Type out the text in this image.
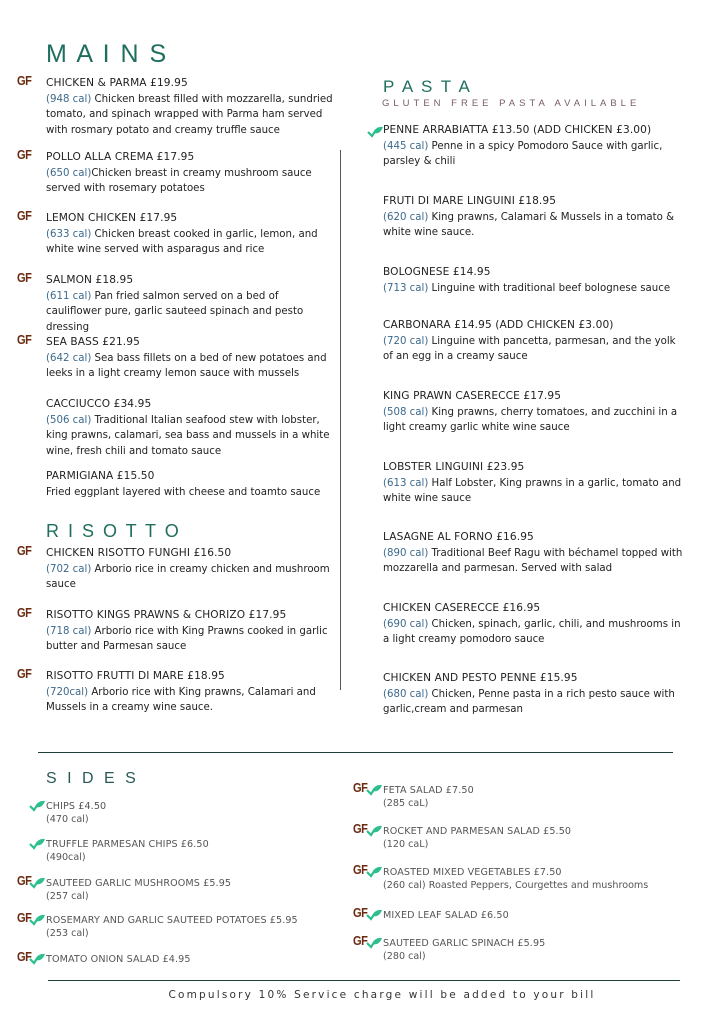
M A I N S
GF CHICKEN & PARMA £19.95
(948 cal) Chicken breast filled with mozzarella, sundried tomato, and spinach wrapped with Parma ham served with rosmary potato and creamy truffle sauce
GF POLLO ALLA CREMA £17.95
(650 cal)Chicken breast in creamy mushroom sauce served with rosemary potatoes
GF LEMON CHICKEN £17.95
(633 cal) Chicken breast cooked in garlic, lemon, and white wine served with asparagus and rice
GF SALMON £18.95
(611 cal) Pan fried salmon served on a bed of cauliflower pure, garlic sauteed spinach and pesto dressing
GF SEA BASS £21.95
(642 cal) Sea bass fillets on a bed of new potatoes and leeks in a light creamy lemon sauce with mussels
CACCIUCCO £34.95
(506 cal) Traditional Italian seafood stew with lobster, king prawns, calamari, sea bass and mussels in a white wine, fresh chili and tomato sauce
PARMIGIANA £15.50
Fried eggplant layered with cheese and toamto sauce
R I S O T T O
GF CHICKEN RISOTTO FUNGHI £16.50
(702 cal) Arborio rice in creamy chicken and mushroom sauce
GF RISOTTO KINGS PRAWNS & CHORIZO £17.95
(718 cal) Arborio rice with King Prawns cooked in garlic butter and Parmesan sauce
GF RISOTTO FRUTTI DI MARE £18.95
(720cal) Arborio rice with King prawns, Calamari and Mussels in a creamy wine sauce.
P A S T A
GLUTEN FREE PASTA AVAILABLE
PENNE ARRABIATTA £13.50 (ADD CHICKEN £3.00)
(445 cal) Penne in a spicy Pomodoro Sauce with garlic, parsley & chili
FRUTI DI MARE LINGUINI £18.95
(620 cal) King prawns, Calamari & Mussels in a tomato & white wine sauce.
BOLOGNESE £14.95
(713 cal) Linguine with traditional beef bolognese sauce
CARBONARA £14.95 (ADD CHICKEN £3.00)
(720 cal) Linguine with pancetta, parmesan, and the yolk of an egg in a creamy sauce
KING PRAWN CASERECCE £17.95
(508 cal) King prawns, cherry tomatoes, and zucchini in a light creamy garlic white wine sauce
LOBSTER LINGUINI £23.95
(613 cal) Half Lobster, King prawns in a garlic, tomato and white wine sauce
LASAGNE AL FORNO £16.95
(890 cal) Traditional Beef Ragu with béchamel topped with mozzarella and parmesan. Served with salad
CHICKEN CASERECCE £16.95
(690 cal) Chicken, spinach, garlic, chili, and mushrooms in a light creamy pomodoro sauce
CHICKEN AND PESTO PENNE £15.95
(680 cal) Chicken, Penne pasta in a rich pesto sauce with garlic,cream and parmesan
S I D E S
CHIPS £4.50
(470 cal)
TRUFFLE PARMESAN CHIPS £6.50
(490cal)
GF SAUTEED GARLIC MUSHROOMS £5.95
(257 cal)
GF ROSEMARY AND GARLIC SAUTEED POTATOES £5.95
(253 cal)
GF TOMATO ONION SALAD £4.95
GF FETA SALAD £7.50
(285 caL)
GF ROCKET AND PARMESAN SALAD £5.50
(120 caL)
GF ROASTED MIXED VEGETABLES £7.50
(260 cal) Roasted Peppers, Courgettes and mushrooms
GF MIXED LEAF SALAD £6.50
GF SAUTEED GARLIC SPINACH £5.95
(280 cal)
Compulsory 10% Service charge will be added to your bill
